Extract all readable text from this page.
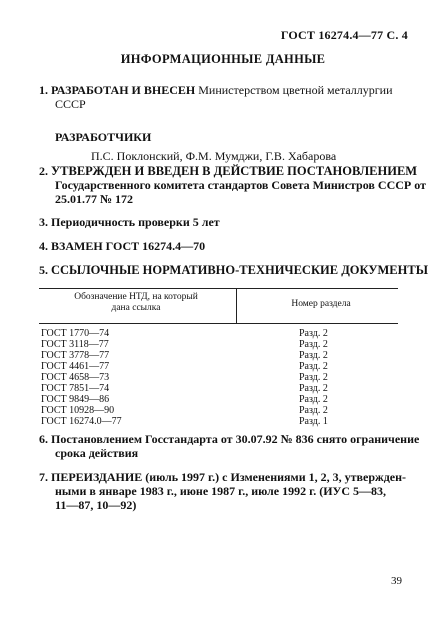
ГОСТ 16274.4—77 С. 4
ИНФОРМАЦИОННЫЕ ДАННЫЕ
1. РАЗРАБОТАН И ВНЕСЕН Министерством цветной металлургии
СССР
РАЗРАБОТЧИКИ
П.С. Поклонский, Ф.М. Мумджи, Г.В. Хабарова
2. УТВЕРЖДЕН И ВВЕДЕН В ДЕЙСТВИЕ ПОСТАНОВЛЕНИЕМ
Государственного комитета стандартов Совета Министров СССР от
25.01.77 № 172
3. Периодичность проверки 5 лет
4. ВЗАМЕН ГОСТ 16274.4—70
5. ССЫЛОЧНЫЕ НОРМАТИВНО-ТЕХНИЧЕСКИЕ ДОКУМЕНТЫ
Обозначение НТД, на который
дана ссылка	Номер раздела
ГОСТ 1770—74	Разд. 2
ГОСТ 3118—77	Разд. 2
ГОСТ 3778—77	Разд. 2
ГОСТ 4461—77	Разд. 2
ГОСТ 4658—73	Разд. 2
ГОСТ 7851—74	Разд. 2
ГОСТ 9849—86	Разд. 2
ГОСТ 10928—90	Разд. 2
ГОСТ 16274.0—77	Разд. 1
6. Постановлением Госстандарта от 30.07.92 № 836 снято ограничение
срока действия
7. ПЕРЕИЗДАНИЕ (июль 1997 г.) с Изменениями 1, 2, 3, утвержден-
ными в январе 1983 г., июне 1987 г., июле 1992 г. (ИУС 5—83,
11—87, 10—92)
39
